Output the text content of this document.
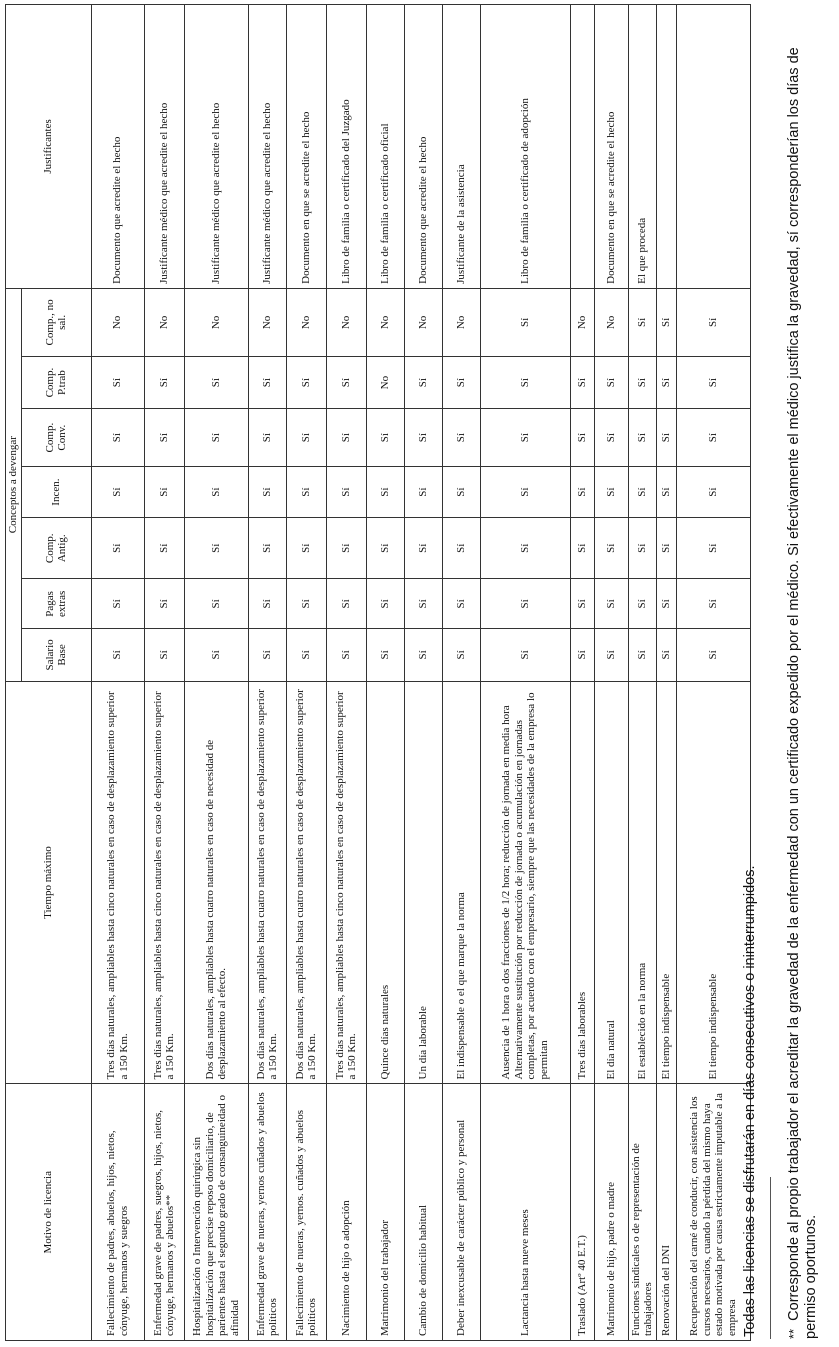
Motivo de licencia	Tiempo máximo	Conceptos a devengar							Justificantes
		Salario Base	Pagas extras	Comp. Antig.	Incen.	Comp. Conv.	Comp. P.trab	Comp., no sal.	
Fallecimiento de padres, abuelos, hijos, nietos, cónyuge, hermanos y suegros	Tres días naturales, ampliables hasta cinco naturales en caso de desplazamiento superior a 150 Km.	Sí	Sí	Sí	Sí	Sí	Sí	No	Documento que acredite el hecho
Enfermedad grave de padres, suegros, hijos, nietos, cónyuge, hermanos y abuelos**	Tres días naturales, ampliables hasta cinco naturales en caso de desplazamiento superior a 150 Km.	Sí	Sí	Sí	Sí	Sí	Sí	No	Justificante médico que acredite el hecho
Hospitalización o Intervención quirúrgica sin hospitalización que precise reposo domiciliario, de parientes hasta el segundo grado de consanguineidad o afinidad	Dos días naturales, ampliables hasta cuatro naturales en caso de necesidad de desplazamiento al efecto.	Sí	Sí	Sí	Sí	Sí	Sí	No	Justificante médico que acredite el hecho
Enfermedad grave de nueras, yernos cuñados y abuelos políticos	Dos días naturales, ampliables hasta cuatro naturales en caso de desplazamiento superior a 150 Km.	Sí	Sí	Sí	Sí	Sí	Sí	No	Justificante médico que acredite el hecho
Fallecimiento de nueras, yernos. cuñados y abuelos políticos	Dos días naturales, ampliables hasta cuatro naturales en caso de desplazamiento superior a 150 Km.	Sí	Sí	Sí	Sí	Sí	Sí	No	Documento en que se acredite el hecho
Nacimiento de hijo o adopción	Tres días naturales, ampliables hasta cinco naturales en caso de desplazamiento superior a 150 Km.	Sí	Sí	Sí	Sí	Sí	Sí	No	Libro de familia o certificado del Juzgado
Matrimonio del trabajador	Quince días naturales	Sí	Sí	Sí	Sí	Sí	No	No	Libro de familia o certificado oficial
Cambio de domicilio habitual	Un día laborable	Sí	Sí	Sí	Sí	Sí	Sí	No	Documento que acredite el hecho
Deber inexcusable de carácter público y personal	El indispensable o el que marque la norma	Sí	Sí	Sí	Sí	Sí	Sí	No	Justificante de la asistencia
Lactancia hasta nueve meses	Ausencia de 1 hora o dos fracciones de 1/2 hora; reducción de jornada en media hora
Alternativamente sustitución por reducción de jornada o acumulación en jornadas completas, por acuerdo con el empresario, siempre que las necesidades de la empresa lo permitan	Sí	Sí	Sí	Sí	Sí	Sí	Sí	Libro de familia o certificado de adopción
Traslado (Artº 40 E.T.)	Tres días laborables	Sí	Sí	Sí	Sí	Sí	Sí	No	
Matrimonio de hijo, padre o madre	El día natural	Sí	Sí	Sí	Sí	Sí	Sí	No	Documento en que se acredite el hecho
Funciones sindicales o de representación de trabajadores	El establecido en la norma	Sí	Sí	Sí	Sí	Sí	Sí	Sí	El que proceda
Renovación del DNI	El tiempo indispensable	Sí	Sí	Sí	Sí	Sí	Sí	Sí	
Recuperación del carné de conducir, con asistencia los cursos necesarios, cuando la pérdida del mismo haya estado motivada por causa estrictamente imputable a la empresa	El tiempo indispensable	Sí	Sí	Sí	Sí	Sí	Sí	Sí	

Todas las licencias se disfrutarán en días consecutivos o ininterrumpidos. **  Corresponde al propio trabajador el acreditar la gravedad de la enfermedad con un certificado expedido por el médico. Si efectivamente el médico justifica la gravedad, sí corresponderían los días de permiso oportunos.
